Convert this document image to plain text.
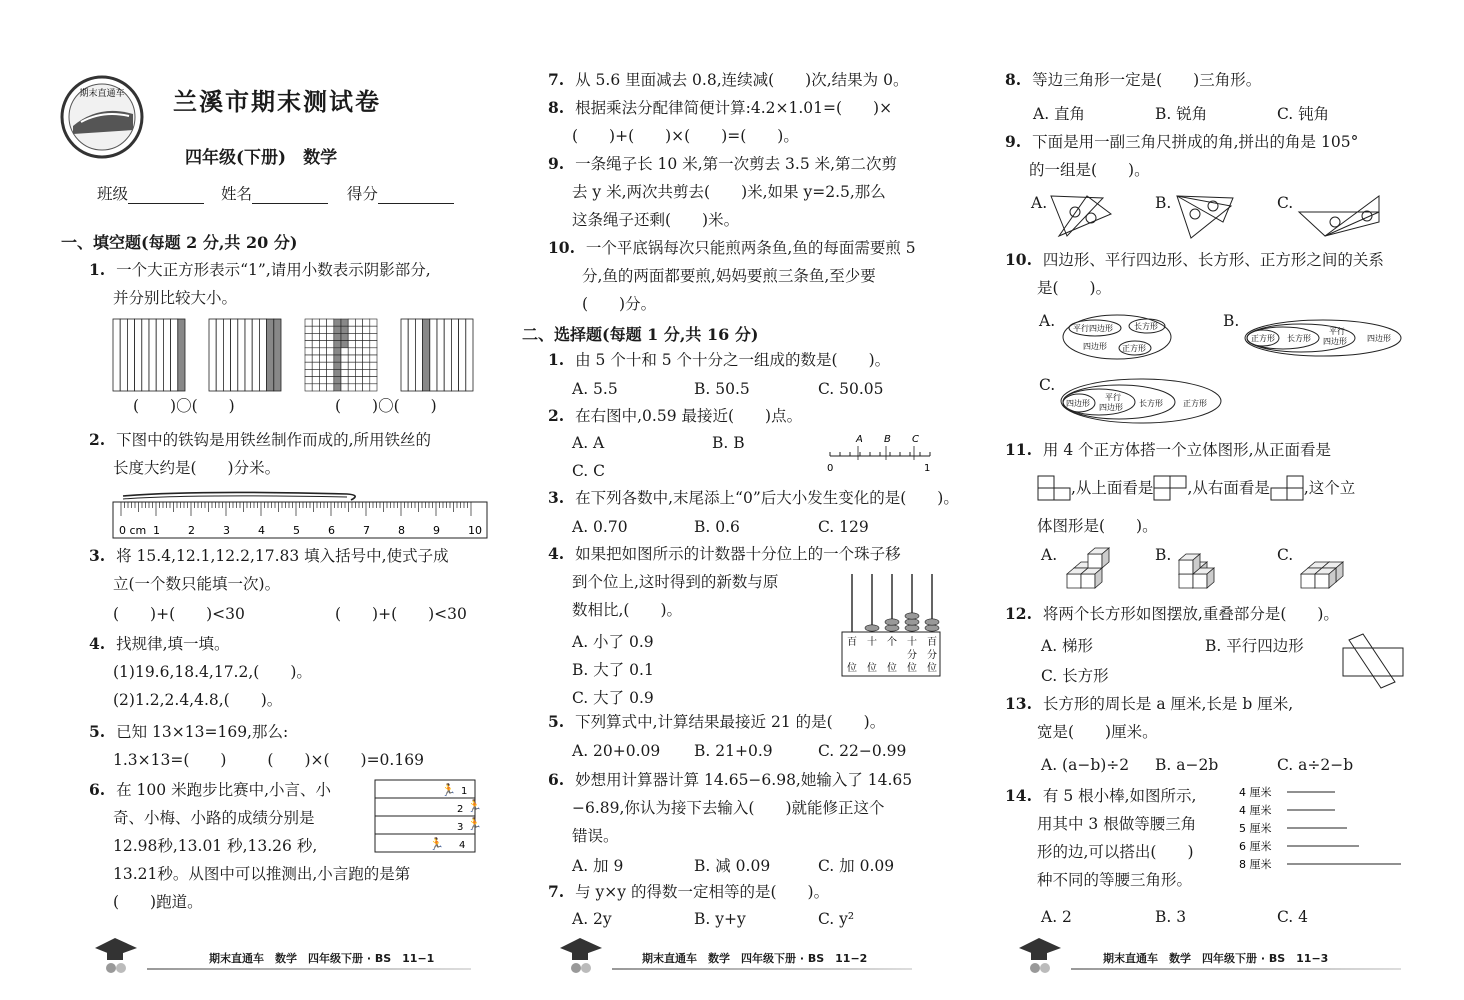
期末直通车 兰溪市期末测试卷
四年级(下册)　数学
班级	姓名	得分
一、填空题(每题 2 分,共 20 分)
1. 一个大正方形表示“1”,请用小数表示阴影部分,
并分别比较大小。
(　　)〇(　　)	(　　)〇(　　)
2. 下图中的铁钩是用铁丝制作而成的,所用铁丝的
长度大约是(　　)分米。
0 cm 1	2	3	4	5	6	7	8	9	10
3. 将 15.4,12.1,12.2,17.83 填入括号中,使式子成
立(一个数只能填一次)。
(　　)+(　　)<30	(　　)+(　　)<30
4. 找规律,填一填。
(1)19.6,18.4,17.2,(　　)。
(2)1.2,2.4,4.8,(　　)。
5. 已知 13×13=169,那么:
1.3×13=(　　)	(　　)×(　　)=0.169
6. 在 100 米跑步比赛中,小言、小
奇、小梅、小路的成绩分别是
12.98秒,13.01 秒,13.26 秒,
13.21秒。从图中可以推测出,小言跑的是第
(　　)跑道。
1
2
3
4
🏃
🏃
🏃
🏃
期末直通车　数学　四年级下册 · BS　11−1
7. 从 5.6 里面减去 0.8,连续减(　　)次,结果为 0。
8. 根据乘法分配律简便计算:4.2×1.01=(　　)×
(　　)+(　　)×(　　)=(　　)。
9. 一条绳子长 10 米,第一次剪去 3.5 米,第二次剪
去 y 米,两次共剪去(　　)米,如果 y=2.5,那么
这条绳子还剩(　　)米。
10. 一个平底锅每次只能煎两条鱼,鱼的每面需要煎 5
分,鱼的两面都要煎,妈妈要煎三条鱼,至少要
(　　)分。
二、选择题(每题 1 分,共 16 分)
1. 由 5 个十和 5 个十分之一组成的数是(　　)。
A. 5.5	B. 50.5	C. 50.05
2. 在右图中,0.59 最接近(　　)点。
A. A	B. B
C. C
A B C
0	1
3. 在下列各数中,末尾添上“0”后大小发生变化的是(　　)。
A. 0.70	B. 0.6	C. 129
4. 如果把如图所示的计数器十分位上的一个珠子移
到个位上,这时得到的新数与原
数相比,(　　)。
A. 小了 0.9
B. 大了 0.1
C. 大了 0.9
百
位
十
位
个
位
十
分
位
百
分
位
5. 下列算式中,计算结果最接近 21 的是(　　)。
A. 20+0.09 B. 21+0.9	C. 22−0.99
6. 妙想用计算器计算 14.65−6.98,她输入了 14.65
−6.89,你认为接下去输入(　　)就能修正这个
错误。
A. 加 9	B. 减 0.09	C. 加 0.09
7. 与 y×y 的得数一定相等的是(　　)。
A. 2y	B. y+y	C. y²
期末直通车　数学　四年级下册 · BS　11−2
8. 等边三角形一定是(　　)三角形。
A. 直角	B. 锐角	C. 钝角
9. 下面是用一副三角尺拼成的角,拼出的角是 105°
的一组是(　　)。
A.	B.	C.
10. 四边形、平行四边形、长方形、正方形之间的关系
是(　　)。
A. 平行四边形	长方形
四边形 正方形
B.
正方形 长方形
平行
四边形	四边形
C.
四边形
平行
四边形 长方形	正方形
11. 用 4 个正方体搭一个立体图形,从正面看是
,从上面看是 ,从右面看是 ,这个立
体图形是(　　)。
A.	B.	C.
12. 将两个长方形如图摆放,重叠部分是(　　)。
A. 梯形	B. 平行四边形
C. 长方形
13. 长方形的周长是 a 厘米,长是 b 厘米,
宽是(　　)厘米。
A. (a−b)÷2 B. a−2b	C. a÷2−b
14. 有 5 根小棒,如图所示,
用其中 3 根做等腰三角
形的边,可以搭出(　　)
种不同的等腰三角形。
4 厘米
4 厘米
5 厘米
6 厘米
8 厘米
A. 2	B. 3	C. 4
期末直通车　数学　四年级下册 · BS　11−3
